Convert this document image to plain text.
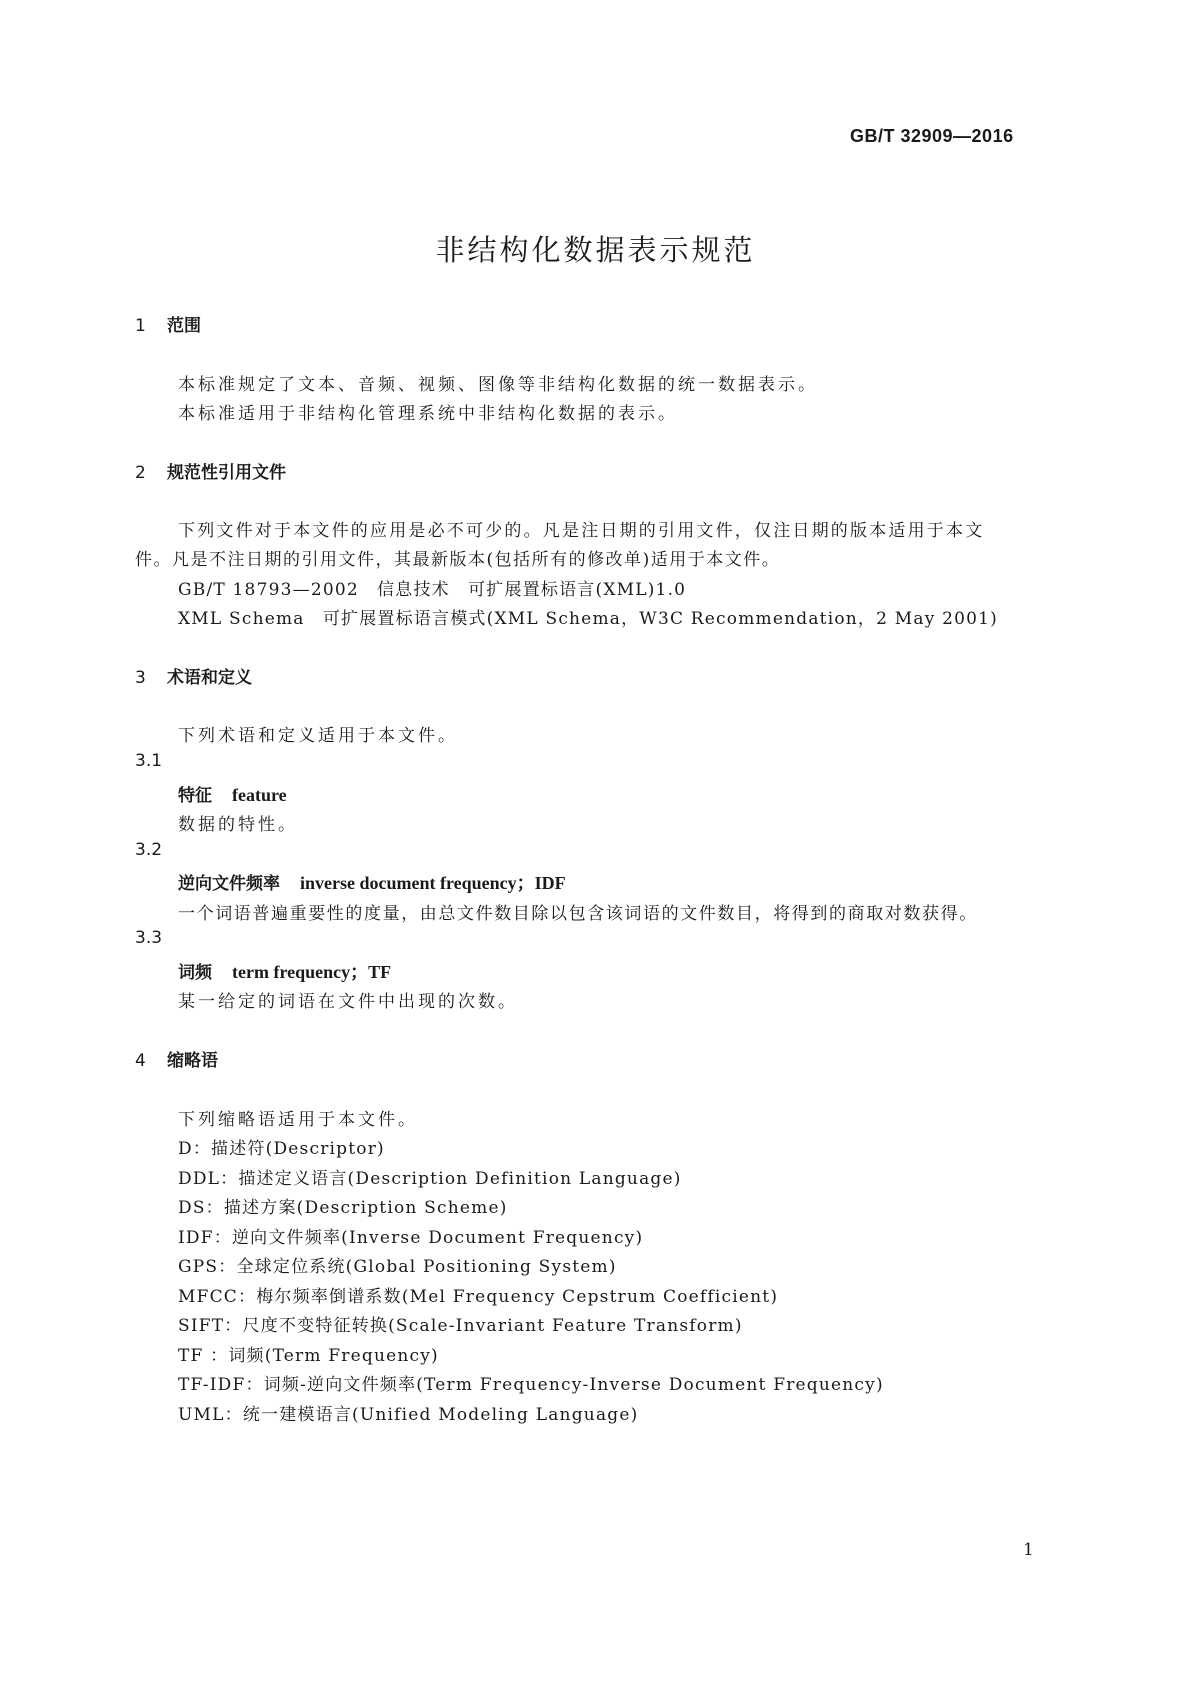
GB/T 32909—2016
非结构化数据表示规范
1 范围
本标准规定了文本、音频、视频、图像等非结构化数据的统一数据表示。
本标准适用于非结构化管理系统中非结构化数据的表示。
2 规范性引用文件
下列文件对于本文件的应用是必不可少的。凡是注日期的引用文件，仅注日期的版本适用于本文
件。凡是不注日期的引用文件，其最新版本(包括所有的修改单)适用于本文件。
GB/T 18793—2002　信息技术　可扩展置标语言(XML)1.0
XML Schema　可扩展置标语言模式(XML Schema，W3C Recommendation，2 May 2001)
3 术语和定义
下列术语和定义适用于本文件。
3.1
特征 feature
数据的特性。
3.2
逆向文件频率 inverse document frequency；IDF
一个词语普遍重要性的度量，由总文件数目除以包含该词语的文件数目，将得到的商取对数获得。
3.3
词频 term frequency；TF
某一给定的词语在文件中出现的次数。
4 缩略语
下列缩略语适用于本文件。
D：描述符(Descriptor)
DDL：描述定义语言(Description Definition Language)
DS：描述方案(Description Scheme)
IDF：逆向文件频率(Inverse Document Frequency)
GPS：全球定位系统(Global Positioning System)
MFCC：梅尔频率倒谱系数(Mel Frequency Cepstrum Coefficient)
SIFT：尺度不变特征转换(Scale-Invariant Feature Transform)
TF ：词频(Term Frequency)
TF-IDF：词频-逆向文件频率(Term Frequency-Inverse Document Frequency)
UML：统一建模语言(Unified Modeling Language)
1
